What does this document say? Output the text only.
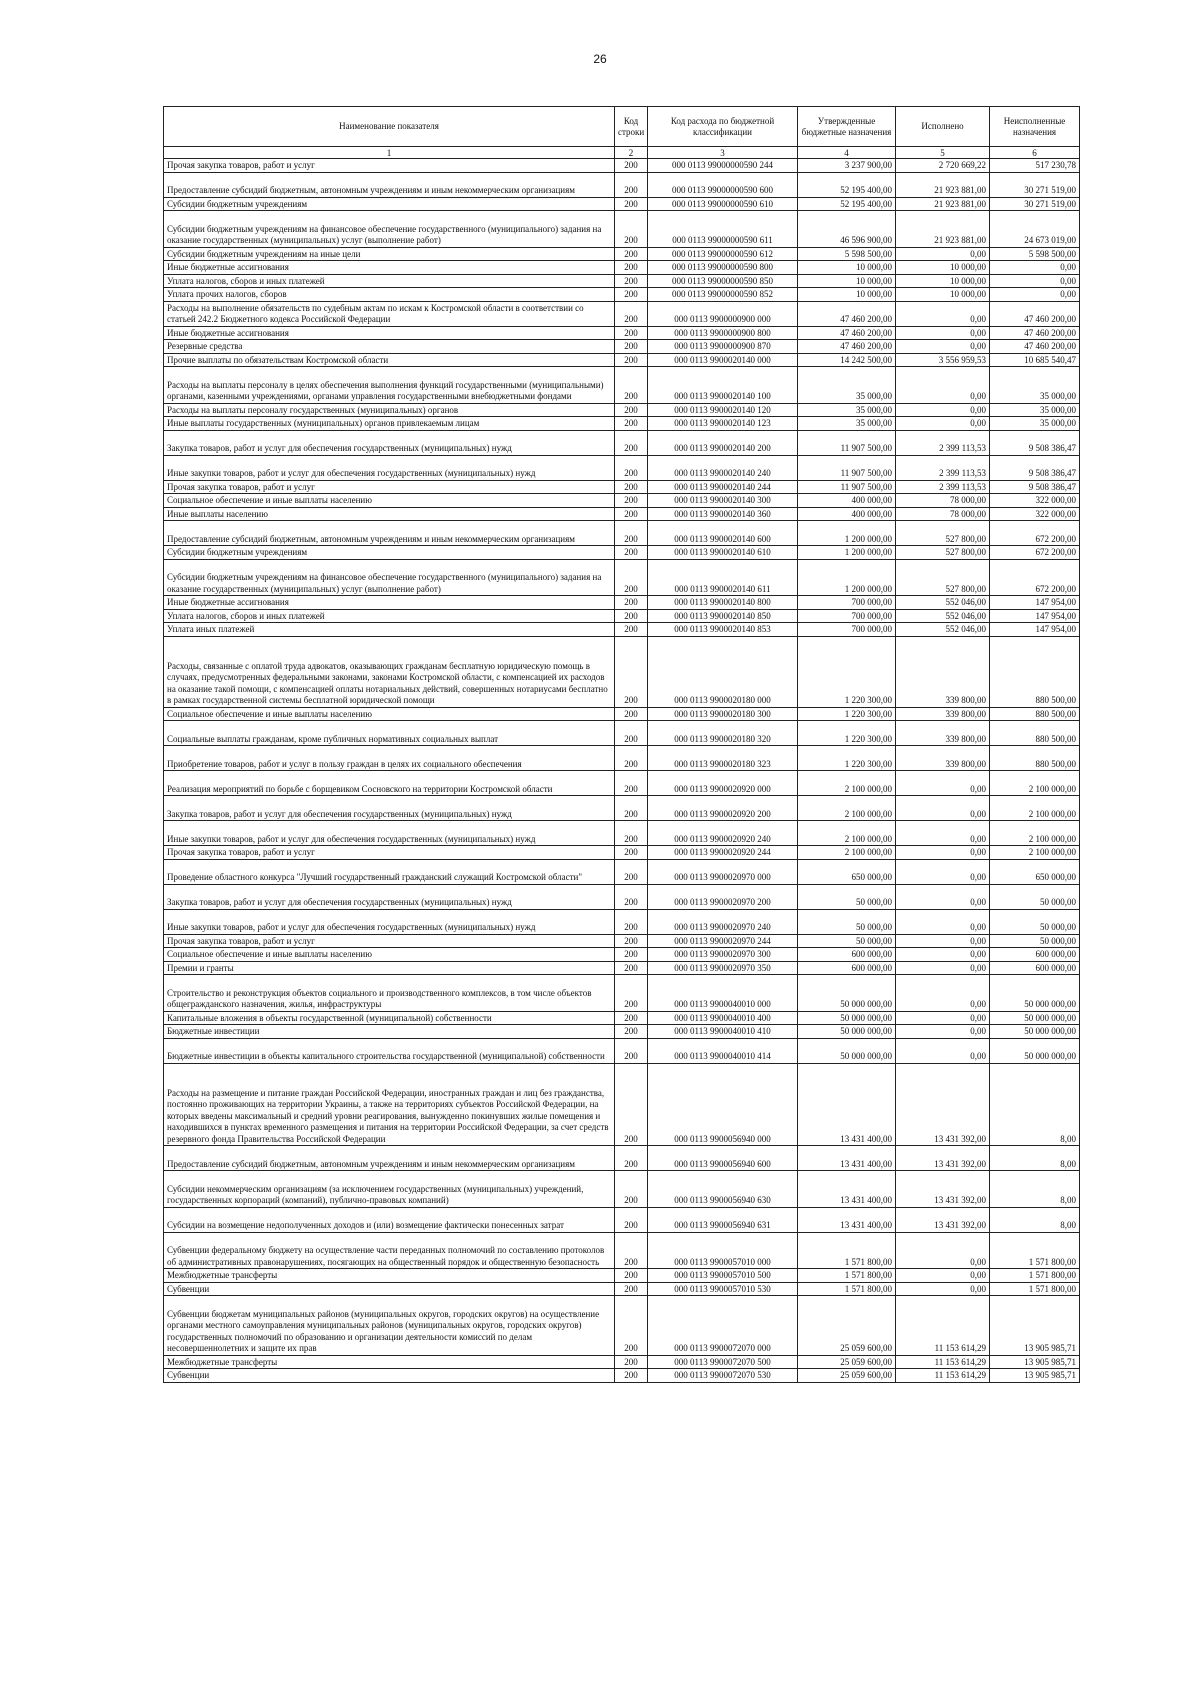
26
Наименование показателя	Код строки	Код расхода по бюджетной классификации	Утвержденные бюджетные назначения	Исполнено	Неисполненные назначения
1	2	3	4	5	6
Прочая закупка товаров, работ и услуг	200	000 0113 99000000590 244	3 237 900,00	2 720 669,22	517 230,78
Предоставление субсидий бюджетным, автономным учреждениям и иным некоммерческим организациям	200	000 0113 99000000590 600	52 195 400,00	21 923 881,00	30 271 519,00
Субсидии бюджетным учреждениям	200	000 0113 99000000590 610	52 195 400,00	21 923 881,00	30 271 519,00
Субсидии бюджетным учреждениям на финансовое обеспечение государственного (муниципального) задания на оказание государственных (муниципальных) услуг (выполнение работ)	200	000 0113 99000000590 611	46 596 900,00	21 923 881,00	24 673 019,00
Субсидии бюджетным учреждениям на иные цели	200	000 0113 99000000590 612	5 598 500,00	0,00	5 598 500,00
Иные бюджетные ассигнования	200	000 0113 99000000590 800	10 000,00	10 000,00	0,00
Уплата налогов, сборов и иных платежей	200	000 0113 99000000590 850	10 000,00	10 000,00	0,00
Уплата прочих налогов, сборов	200	000 0113 99000000590 852	10 000,00	10 000,00	0,00
Расходы на выполнение обязательств по судебным актам по искам к Костромской области в соответствии со статьей 242.2 Бюджетного кодекса Российской Федерации	200	000 0113 9900000900 000	47 460 200,00	0,00	47 460 200,00
Иные бюджетные ассигнования	200	000 0113 9900000900 800	47 460 200,00	0,00	47 460 200,00
Резервные средства	200	000 0113 9900000900 870	47 460 200,00	0,00	47 460 200,00
Прочие выплаты по обязательствам Костромской области	200	000 0113 9900020140 000	14 242 500,00	3 556 959,53	10 685 540,47
Расходы на выплаты персоналу в целях обеспечения выполнения функций государственными (муниципальными) органами, казенными учреждениями, органами управления государственными внебюджетными фондами	200	000 0113 9900020140 100	35 000,00	0,00	35 000,00
Расходы на выплаты персоналу государственных (муниципальных) органов	200	000 0113 9900020140 120	35 000,00	0,00	35 000,00
Иные выплаты государственных (муниципальных) органов привлекаемым лицам	200	000 0113 9900020140 123	35 000,00	0,00	35 000,00
Закупка товаров, работ и услуг для обеспечения государственных (муниципальных) нужд	200	000 0113 9900020140 200	11 907 500,00	2 399 113,53	9 508 386,47
Иные закупки товаров, работ и услуг для обеспечения государственных (муниципальных) нужд	200	000 0113 9900020140 240	11 907 500,00	2 399 113,53	9 508 386,47
Прочая закупка товаров, работ и услуг	200	000 0113 9900020140 244	11 907 500,00	2 399 113,53	9 508 386,47
Социальное обеспечение и иные выплаты населению	200	000 0113 9900020140 300	400 000,00	78 000,00	322 000,00
Иные выплаты населению	200	000 0113 9900020140 360	400 000,00	78 000,00	322 000,00
Предоставление субсидий бюджетным, автономным учреждениям и иным некоммерческим организациям	200	000 0113 9900020140 600	1 200 000,00	527 800,00	672 200,00
Субсидии бюджетным учреждениям	200	000 0113 9900020140 610	1 200 000,00	527 800,00	672 200,00
Субсидии бюджетным учреждениям на финансовое обеспечение государственного (муниципального) задания на оказание государственных (муниципальных) услуг (выполнение работ)	200	000 0113 9900020140 611	1 200 000,00	527 800,00	672 200,00
Иные бюджетные ассигнования	200	000 0113 9900020140 800	700 000,00	552 046,00	147 954,00
Уплата налогов, сборов и иных платежей	200	000 0113 9900020140 850	700 000,00	552 046,00	147 954,00
Уплата иных платежей	200	000 0113 9900020140 853	700 000,00	552 046,00	147 954,00
Расходы, связанные с оплатой труда адвокатов, оказывающих гражданам бесплатную юридическую помощь в случаях, предусмотренных федеральными законами, законами Костромской области, с компенсацией их расходов на оказание такой помощи, с компенсацией оплаты нотариальных действий, совершенных нотариусами бесплатно в рамках государственной системы бесплатной юридической помощи	200	000 0113 9900020180 000	1 220 300,00	339 800,00	880 500,00
Социальное обеспечение и иные выплаты населению	200	000 0113 9900020180 300	1 220 300,00	339 800,00	880 500,00
Социальные выплаты гражданам, кроме публичных нормативных социальных выплат	200	000 0113 9900020180 320	1 220 300,00	339 800,00	880 500,00
Приобретение товаров, работ и услуг в пользу граждан в целях их социального обеспечения	200	000 0113 9900020180 323	1 220 300,00	339 800,00	880 500,00
Реализация мероприятий по борьбе с борщевиком Сосновского на территории Костромской области	200	000 0113 9900020920 000	2 100 000,00	0,00	2 100 000,00
Закупка товаров, работ и услуг для обеспечения государственных (муниципальных) нужд	200	000 0113 9900020920 200	2 100 000,00	0,00	2 100 000,00
Иные закупки товаров, работ и услуг для обеспечения государственных (муниципальных) нужд	200	000 0113 9900020920 240	2 100 000,00	0,00	2 100 000,00
Прочая закупка товаров, работ и услуг	200	000 0113 9900020920 244	2 100 000,00	0,00	2 100 000,00
Проведение областного конкурса "Лучший государственный гражданский служащий Костромской области"	200	000 0113 9900020970 000	650 000,00	0,00	650 000,00
Закупка товаров, работ и услуг для обеспечения государственных (муниципальных) нужд	200	000 0113 9900020970 200	50 000,00	0,00	50 000,00
Иные закупки товаров, работ и услуг для обеспечения государственных (муниципальных) нужд	200	000 0113 9900020970 240	50 000,00	0,00	50 000,00
Прочая закупка товаров, работ и услуг	200	000 0113 9900020970 244	50 000,00	0,00	50 000,00
Социальное обеспечение и иные выплаты населению	200	000 0113 9900020970 300	600 000,00	0,00	600 000,00
Премии и гранты	200	000 0113 9900020970 350	600 000,00	0,00	600 000,00
Строительство и реконструкция объектов социального и производственного комплексов, в том числе объектов общегражданского назначения, жилья, инфраструктуры	200	000 0113 9900040010 000	50 000 000,00	0,00	50 000 000,00
Капитальные вложения в объекты государственной (муниципальной) собственности	200	000 0113 9900040010 400	50 000 000,00	0,00	50 000 000,00
Бюджетные инвестиции	200	000 0113 9900040010 410	50 000 000,00	0,00	50 000 000,00
Бюджетные инвестиции в объекты капитального строительства государственной (муниципальной) собственности	200	000 0113 9900040010 414	50 000 000,00	0,00	50 000 000,00
Расходы на размещение и питание граждан Российской Федерации, иностранных граждан и лиц без гражданства, постоянно проживающих на территории Украины, а также на территориях субъектов Российской Федерации, на которых введены максимальный и средний уровни реагирования, вынужденно покинувших жилые помещения и находившихся в пунктах временного размещения и питания на территории Российской Федерации, за счет средств резервного фонда Правительства Российской Федерации	200	000 0113 9900056940 000	13 431 400,00	13 431 392,00	8,00
Предоставление субсидий бюджетным, автономным учреждениям и иным некоммерческим организациям	200	000 0113 9900056940 600	13 431 400,00	13 431 392,00	8,00
Субсидии некоммерческим организациям (за исключением государственных (муниципальных) учреждений, государственных корпораций (компаний), публично-правовых компаний)	200	000 0113 9900056940 630	13 431 400,00	13 431 392,00	8,00
Субсидии на возмещение недополученных доходов и (или) возмещение фактически понесенных затрат	200	000 0113 9900056940 631	13 431 400,00	13 431 392,00	8,00
Субвенции федеральному бюджету на осуществление части переданных полномочий по составлению протоколов об административных правонарушениях, посягающих на общественный порядок и общественную безопасность	200	000 0113 9900057010 000	1 571 800,00	0,00	1 571 800,00
Межбюджетные трансферты	200	000 0113 9900057010 500	1 571 800,00	0,00	1 571 800,00
Субвенции	200	000 0113 9900057010 530	1 571 800,00	0,00	1 571 800,00
Субвенции бюджетам муниципальных районов (муниципальных округов, городских округов) на осуществление органами местного самоуправления муниципальных районов (муниципальных округов, городских округов) государственных полномочий по образованию и организации деятельности комиссий по делам несовершеннолетних и защите их прав	200	000 0113 9900072070 000	25 059 600,00	11 153 614,29	13 905 985,71
Межбюджетные трансферты	200	000 0113 9900072070 500	25 059 600,00	11 153 614,29	13 905 985,71
Субвенции	200	000 0113 9900072070 530	25 059 600,00	11 153 614,29	13 905 985,71
